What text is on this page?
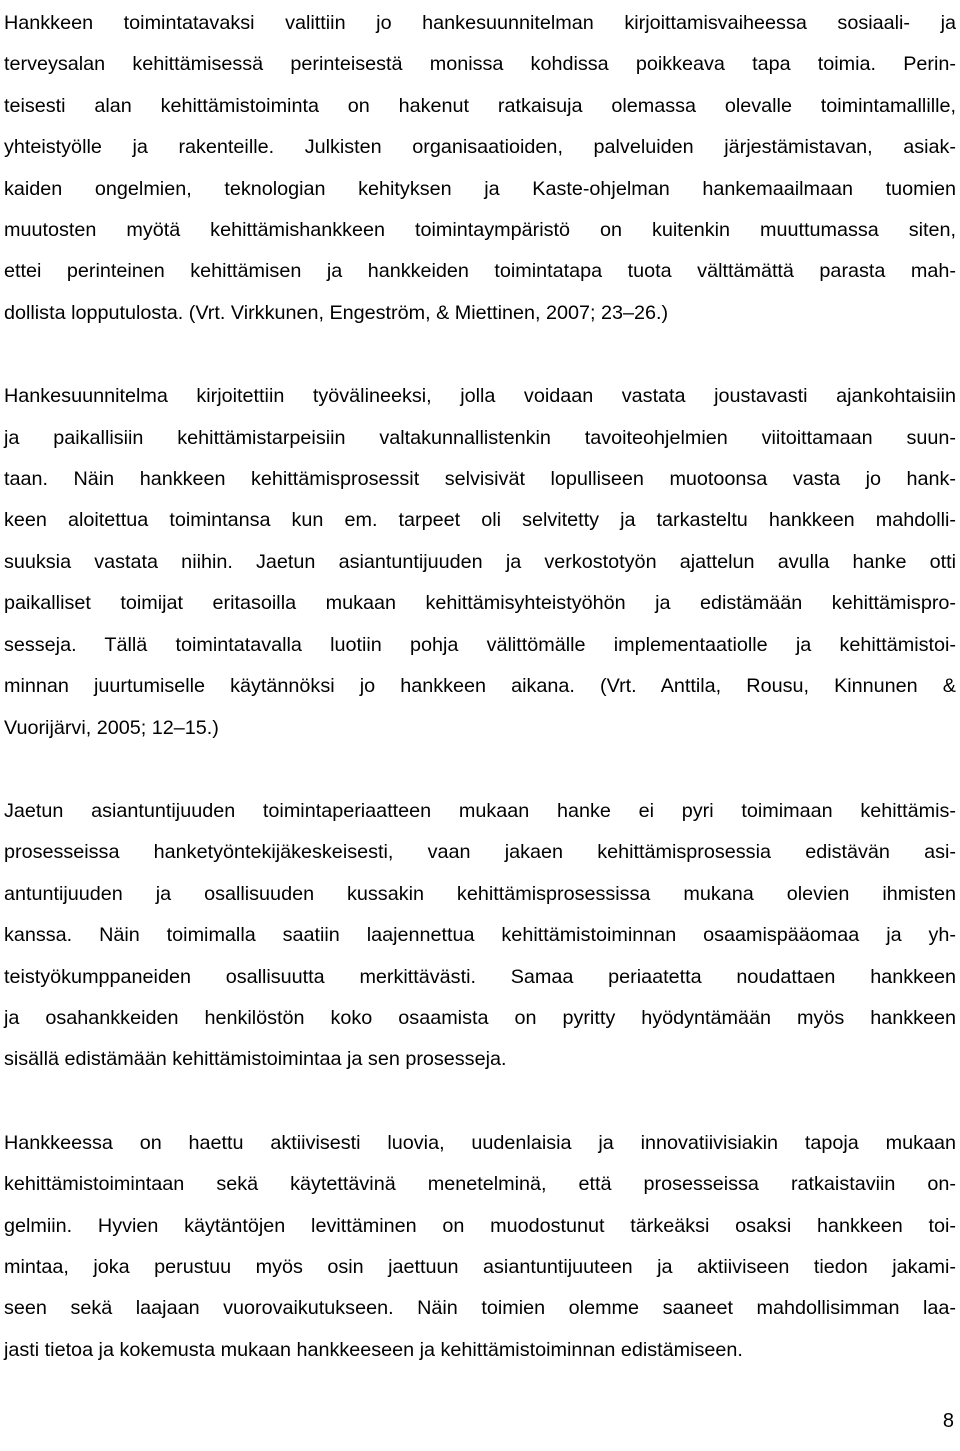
Hankkeen toimintatavaksi valittiin jo hankesuunnitelman kirjoittamisvaiheessa sosiaali- ja
terveysalan kehittämisessä perinteisestä monissa kohdissa poikkeava tapa toimia. Perin-
teisesti alan kehittämistoiminta on hakenut ratkaisuja olemassa olevalle toimintamallille,
yhteistyölle ja rakenteille. Julkisten organisaatioiden, palveluiden järjestämistavan, asiak-
kaiden ongelmien, teknologian kehityksen ja Kaste-ohjelman hankemaailmaan tuomien
muutosten myötä kehittämishankkeen toimintaympäristö on kuitenkin muuttumassa siten,
ettei perinteinen kehittämisen ja hankkeiden toimintatapa tuota välttämättä parasta mah-
dollista lopputulosta. (Vrt. Virkkunen, Engeström, & Miettinen, 2007; 23–26.)

Hankesuunnitelma kirjoitettiin työvälineeksi, jolla voidaan vastata joustavasti ajankohtaisiin
ja paikallisiin kehittämistarpeisiin valtakunnallistenkin tavoiteohjelmien viitoittamaan suun-
taan. Näin hankkeen kehittämisprosessit selvisivät lopulliseen muotoonsa vasta jo hank-
keen aloitettua toimintansa kun em. tarpeet oli selvitetty ja tarkasteltu hankkeen mahdolli-
suuksia vastata niihin. Jaetun asiantuntijuuden ja verkostotyön ajattelun avulla hanke otti
paikalliset toimijat eritasoilla mukaan kehittämisyhteistyöhön ja edistämään kehittämispro-
sesseja. Tällä toimintatavalla luotiin pohja välittömälle implementaatiolle ja kehittämistoi-
minnan juurtumiselle käytännöksi jo hankkeen aikana. (Vrt. Anttila, Rousu, Kinnunen &
Vuorijärvi, 2005; 12–15.)

Jaetun asiantuntijuuden toimintaperiaatteen mukaan hanke ei pyri toimimaan kehittämis-
prosesseissa hanketyöntekijäkeskeisesti, vaan jakaen kehittämisprosessia edistävän asi-
antuntijuuden ja osallisuuden kussakin kehittämisprosessissa mukana olevien ihmisten
kanssa. Näin toimimalla saatiin laajennettua kehittämistoiminnan osaamispääomaa ja yh-
teistyökumppaneiden osallisuutta merkittävästi. Samaa periaatetta noudattaen hankkeen
ja osahankkeiden henkilöstön koko osaamista on pyritty hyödyntämään myös hankkeen
sisällä edistämään kehittämistoimintaa ja sen prosesseja.

Hankkeessa on haettu aktiivisesti luovia, uudenlaisia ja innovatiivisiakin tapoja mukaan
kehittämistoimintaan sekä käytettävinä menetelminä, että prosesseissa ratkaistaviin on-
gelmiin. Hyvien käytäntöjen levittäminen on muodostunut tärkeäksi osaksi hankkeen toi-
mintaa, joka perustuu myös osin jaettuun asiantuntijuuteen ja aktiiviseen tiedon jakami-
seen sekä laajaan vuorovaikutukseen. Näin toimien olemme saaneet mahdollisimman laa-
jasti tietoa ja kokemusta mukaan hankkeeseen ja kehittämistoiminnan edistämiseen.

8
